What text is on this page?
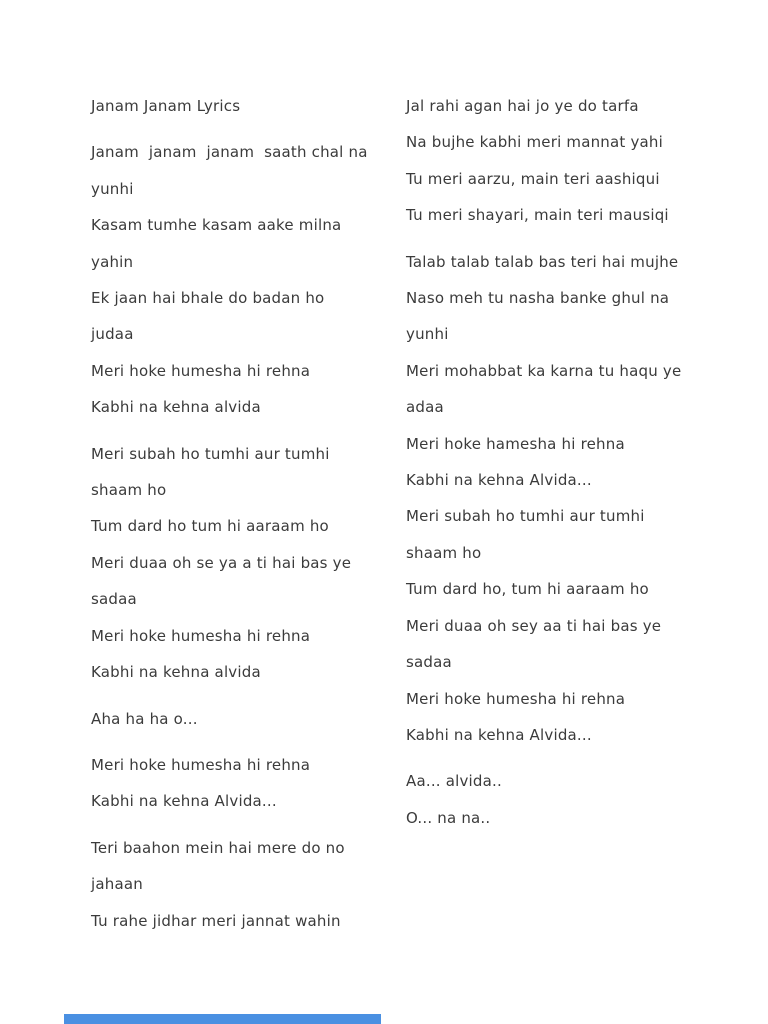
Janam Janam Lyrics

Janam  janam  janam  saath chal na

yunhi

Kasam tumhe kasam aake milna

yahin

Ek jaan hai bhale do badan ho

judaa

Meri hoke humesha hi rehna

Kabhi na kehna alvida

Meri subah ho tumhi aur tumhi

shaam ho

Tum dard ho tum hi aaraam ho

Meri duaa oh se ya a ti hai bas ye

sadaa

Meri hoke humesha hi rehna

Kabhi na kehna alvida

Aha ha ha o...

Meri hoke humesha hi rehna

Kabhi na kehna Alvida...

Teri baahon mein hai mere do no

jahaan

Tu rahe jidhar meri jannat wahin

Jal rahi agan hai jo ye do tarfa

Na bujhe kabhi meri mannat yahi

Tu meri aarzu, main teri aashiqui

Tu meri shayari, main teri mausiqi

Talab talab talab bas teri hai mujhe

Naso meh tu nasha banke ghul na

yunhi

Meri mohabbat ka karna tu haqu ye

adaa

Meri hoke hamesha hi rehna

Kabhi na kehna Alvida...

Meri subah ho tumhi aur tumhi

shaam ho

Tum dard ho, tum hi aaraam ho

Meri duaa oh sey aa ti hai bas ye

sadaa

Meri hoke humesha hi rehna

Kabhi na kehna Alvida...

Aa... alvida..

O... na na..
